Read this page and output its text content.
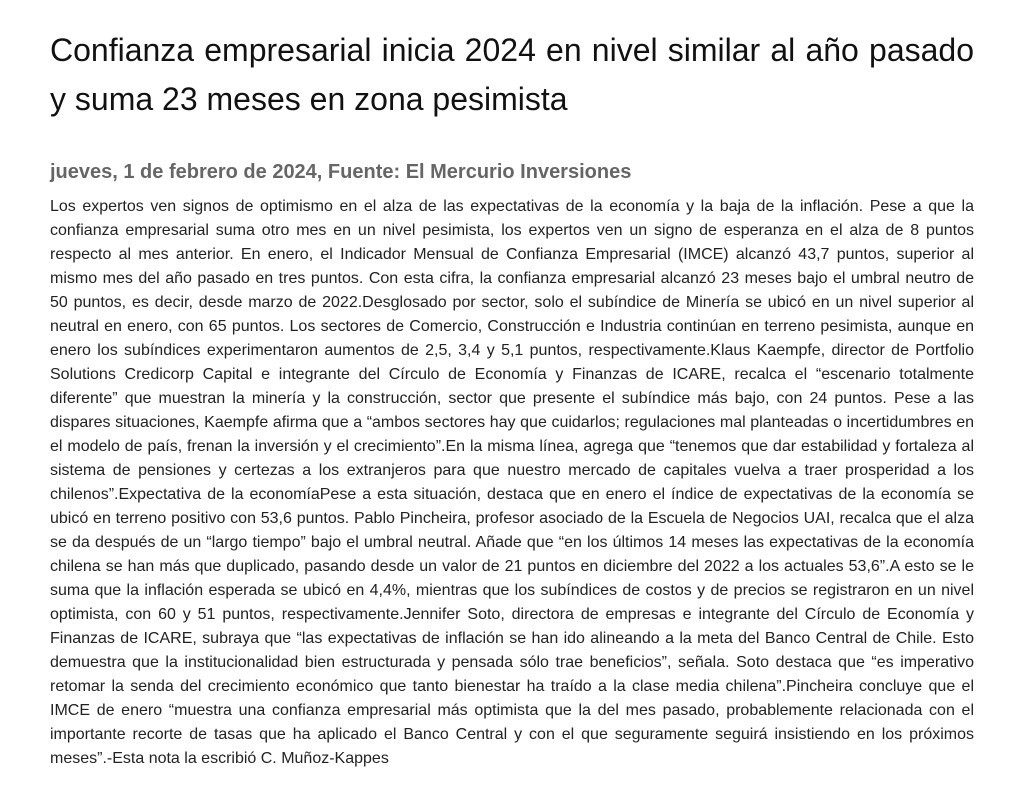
Confianza empresarial inicia 2024 en nivel similar al año pasado y suma 23 meses en zona pesimista
jueves, 1 de febrero de 2024, Fuente: El Mercurio Inversiones

Los expertos ven signos de optimismo en el alza de las expectativas de la economía y la baja de la inflación. Pese a que la confianza empresarial suma otro mes en un nivel pesimista, los expertos ven un signo de esperanza en el alza de 8 puntos respecto al mes anterior. En enero, el Indicador Mensual de Confianza Empresarial (IMCE) alcanzó 43,7 puntos, superior al mismo mes del año pasado en tres puntos. Con esta cifra, la confianza empresarial alcanzó 23 meses bajo el umbral neutro de 50 puntos, es decir, desde marzo de 2022.Desglosado por sector, solo el subíndice de Minería se ubicó en un nivel superior al neutral en enero, con 65 puntos. Los sectores de Comercio, Construcción e Industria continúan en terreno pesimista, aunque en enero los subíndices experimentaron aumentos de 2,5, 3,4 y 5,1 puntos, respectivamente.Klaus Kaempfe, director de Portfolio Solutions Credicorp Capital e integrante del Círculo de Economía y Finanzas de ICARE, recalca el “escenario totalmente diferente” que muestran la minería y la construcción, sector que presente el subíndice más bajo, con 24 puntos. Pese a las dispares situaciones, Kaempfe afirma que a “ambos sectores hay que cuidarlos; regulaciones mal planteadas o incertidumbres en el modelo de país, frenan la inversión y el crecimiento”.En la misma línea, agrega que “tenemos que dar estabilidad y fortaleza al sistema de pensiones y certezas a los extranjeros para que nuestro mercado de capitales vuelva a traer prosperidad a los chilenos”.Expectativa de la economíaPese a esta situación, destaca que en enero el índice de expectativas de la economía se ubicó en terreno positivo con 53,6 puntos. Pablo Pincheira, profesor asociado de la Escuela de Negocios UAI, recalca que el alza se da después de un “largo tiempo” bajo el umbral neutral. Añade que “en los últimos 14 meses las expectativas de la economía chilena se han más que duplicado, pasando desde un valor de 21 puntos en diciembre del 2022 a los actuales 53,6”.A esto se le suma que la inflación esperada se ubicó en 4,4%, mientras que los subíndices de costos y de precios se registraron en un nivel optimista, con 60 y 51 puntos, respectivamente.Jennifer Soto, directora de empresas e integrante del Círculo de Economía y Finanzas de ICARE, subraya que “las expectativas de inflación se han ido alineando a la meta del Banco Central de Chile. Esto demuestra que la institucionalidad bien estructurada y pensada sólo trae beneficios”, señala. Soto destaca que “es imperativo retomar la senda del crecimiento económico que tanto bienestar ha traído a la clase media chilena”.Pincheira concluye que el IMCE de enero “muestra una confianza empresarial más optimista que la del mes pasado, probablemente relacionada con el importante recorte de tasas que ha aplicado el Banco Central y con el que seguramente seguirá insistiendo en los próximos meses”.-Esta nota la escribió C. Muñoz-Kappes
